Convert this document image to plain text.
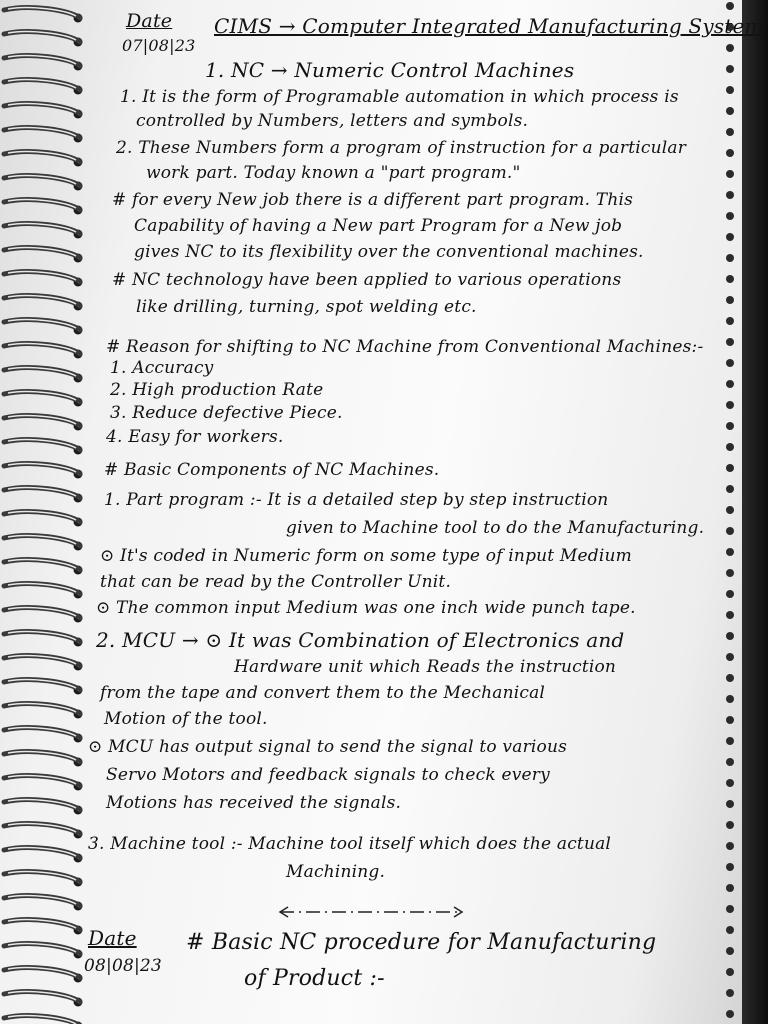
Date
07|08|23
CIMS → Computer Integrated Manufacturing System
1. NC → Numeric Control Machines
1. It is the form of Programable automation in which process is
controlled by Numbers, letters and symbols.
2. These Numbers form a program of instruction for a particular
work part. Today known a "part program."
# for every New job there is a different part program. This
Capability of having a New part Program for a New job
gives NC to its flexibility over the conventional machines.
# NC technology have been applied to various operations
like drilling, turning, spot welding etc.
# Reason for shifting to NC Machine from Conventional Machines:-
1. Accuracy
2. High production Rate
3. Reduce defective Piece.
4. Easy for workers.
# Basic Components of NC Machines.
1. Part program :- It is a detailed step by step instruction
given to Machine tool to do the Manufacturing.
⊙ It's coded in Numeric form on some type of input Medium
that can be read by the Controller Unit.
⊙ The common input Medium was one inch wide punch tape.
2. MCU → ⊙ It was Combination of Electronics and
Hardware unit which Reads the instruction
from the tape and convert them to the Mechanical
Motion of the tool.
⊙ MCU has output signal to send the signal to various
Servo Motors and feedback signals to check every
Motions has received the signals.
3. Machine tool :- Machine tool itself which does the actual
Machining.
Date
08|08|23
# Basic NC procedure for Manufacturing
of Product :-
